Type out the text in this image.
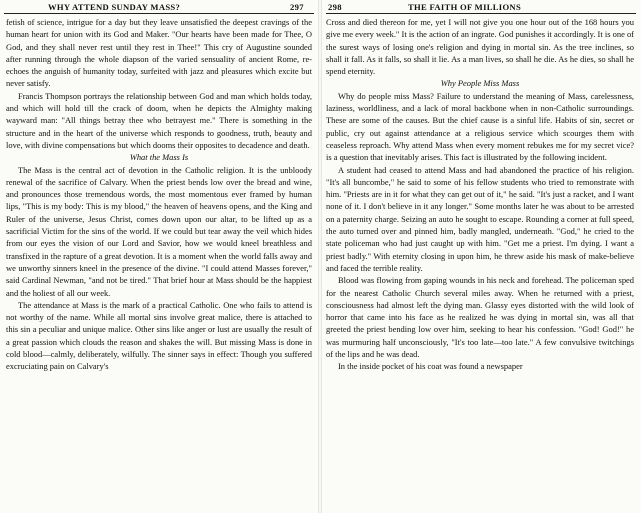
WHY ATTEND SUNDAY MASS?	297

fetish of science, intrigue for a day but they leave unsatisfied the deepest cravings of the human heart for union with its God and Maker. "Our hearts have been made for Thee, O God, and they shall never rest until they rest in Thee!" This cry of Augustine sounded after running through the whole diapson of the varied sensuality of ancient Rome, re-echoes the anguish of humanity today, surfeited with jazz and pleasures which excite but never satisfy.

Francis Thompson portrays the relationship between God and man which holds today, and which will hold till the crack of doom, when he depicts the Almighty making wayward man: "All things betray thee who betrayest me." There is something in the structure and in the heart of the universe which responds to goodness, truth, beauty and love, with divine compensations but which dooms their opposites to decadence and death.

What the Mass Is

The Mass is the central act of devotion in the Catholic religion. It is the unbloody renewal of the sacrifice of Calvary. When the priest bends low over the bread and wine, and pronounces those tremendous words, the most momentous ever framed by human lips, "This is my body: This is my blood," the heaven of heavens opens, and the King and Ruler of the universe, Jesus Christ, comes down upon our altar, to be lifted up as a sacrificial Victim for the sins of the world. If we could but tear away the veil which hides from our eyes the vision of our Lord and Savior, how we would kneel breathless and transfixed in the rapture of a great devotion. It is a moment when the world falls away and we unworthy sinners kneel in the presence of the divine. "I could attend Masses forever," said Cardinal Newman, "and not be tired." That brief hour at Mass should be the happiest and the holiest of all our week.

The attendance at Mass is the mark of a practical Catholic. One who fails to attend is not worthy of the name. While all mortal sins involve great malice, there is attached to this sin a peculiar and unique malice. Other sins like anger or lust are usually the result of a great passion which clouds the reason and shakes the will. But missing Mass is done in cold blood—calmly, deliberately, wilfully. The sinner says in effect: Though you suffered excruciating pain on Calvary's

298	THE FAITH OF MILLIONS

Cross and died thereon for me, yet I will not give you one hour out of the 168 hours you give me every week." It is the action of an ingrate. God punishes it accordingly. It is one of the surest ways of losing one's religion and dying in mortal sin. As the tree inclines, so shall it fall. As it falls, so shall it lie. As a man lives, so shall he die. As he dies, so shall he spend eternity.

Why People Miss Mass

Why do people miss Mass? Failure to understand the meaning of Mass, carelessness, laziness, worldliness, and a lack of moral backbone when in non-Catholic surroundings. These are some of the causes. But the chief cause is a sinful life. Habits of sin, secret or public, cry out against attendance at a religious service which scourges them with ceaseless reproach. Why attend Mass when every moment rebukes me for my secret vice? is a question that inevitably arises. This fact is illustrated by the following incident.

A student had ceased to attend Mass and had abandoned the practice of his religion. "It's all buncombe," he said to some of his fellow students who tried to remonstrate with him. "Priests are in it for what they can get out of it," he said. "It's just a racket, and I want none of it. I don't believe in it any longer." Some months later he was about to be arrested on a paternity charge. Seizing an auto he sought to escape. Rounding a corner at full speed, the auto turned over and pinned him, badly mangled, underneath. "God," he cried to the state policeman who had just caught up with him. "Get me a priest. I'm dying. I want a priest badly." With eternity closing in upon him, he threw aside his mask of make-believe and faced the terrible reality.

Blood was flowing from gaping wounds in his neck and forehead. The policeman sped for the nearest Catholic Church several miles away. When he returned with a priest, consciousness had almost left the dying man. Glassy eyes distorted with the wild look of horror that came into his face as he realized he was dying in mortal sin, was all that greeted the priest bending low over him, seeking to hear his confession. "God! God!" he was murmuring half unconsciously, "It's too late—too late." A few convulsive twitchings of the lips and he was dead.

In the inside pocket of his coat was found a newspaper
